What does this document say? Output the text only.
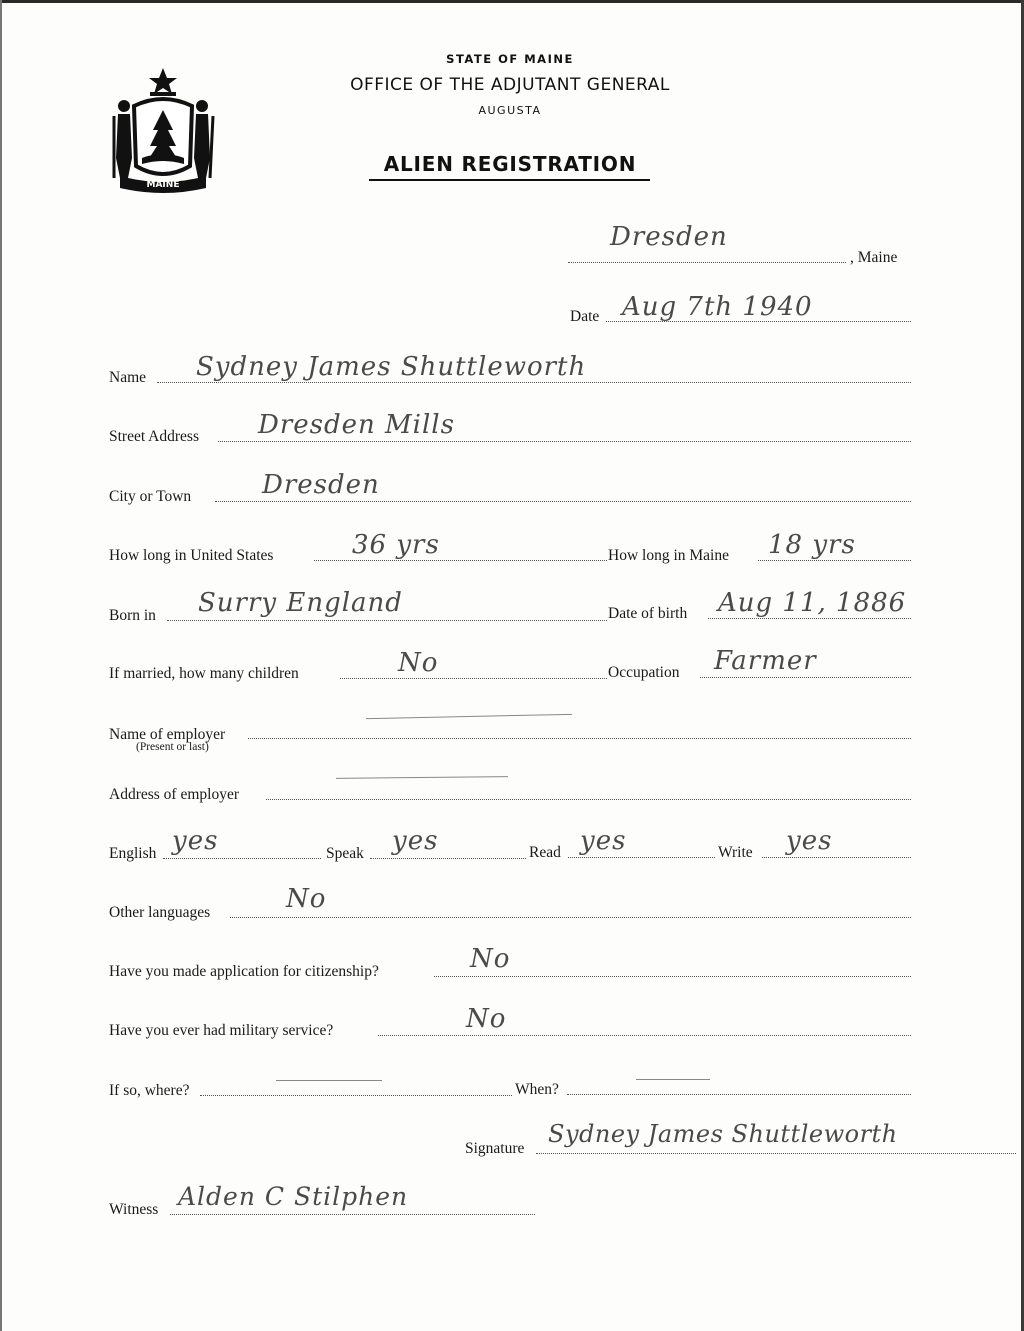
MAINE
STATE OF MAINE
OFFICE OF THE ADJUTANT GENERAL
AUGUSTA
ALIEN REGISTRATION
Dresden
, Maine
Date Aug 7th 1940
Name Sydney James Shuttleworth
Street Address Dresden Mills
City or Town	Dresden
How long in United States	36 yrs	How long in Maine 18 yrs
Born in Surry England	Date of birth Aug 11, 1886
If married, how many children	No	Occupation Farmer
Name of employer
(Present or last)
Address of employer
English yes	Speak yes	Read yes	Write yes
Other languages	No
Have you made application for citizenship?	No
Have you ever had military service?	No
If so, where?	When?
Signature
Sydney James Shuttleworth
Witness Alden C Stilphen
